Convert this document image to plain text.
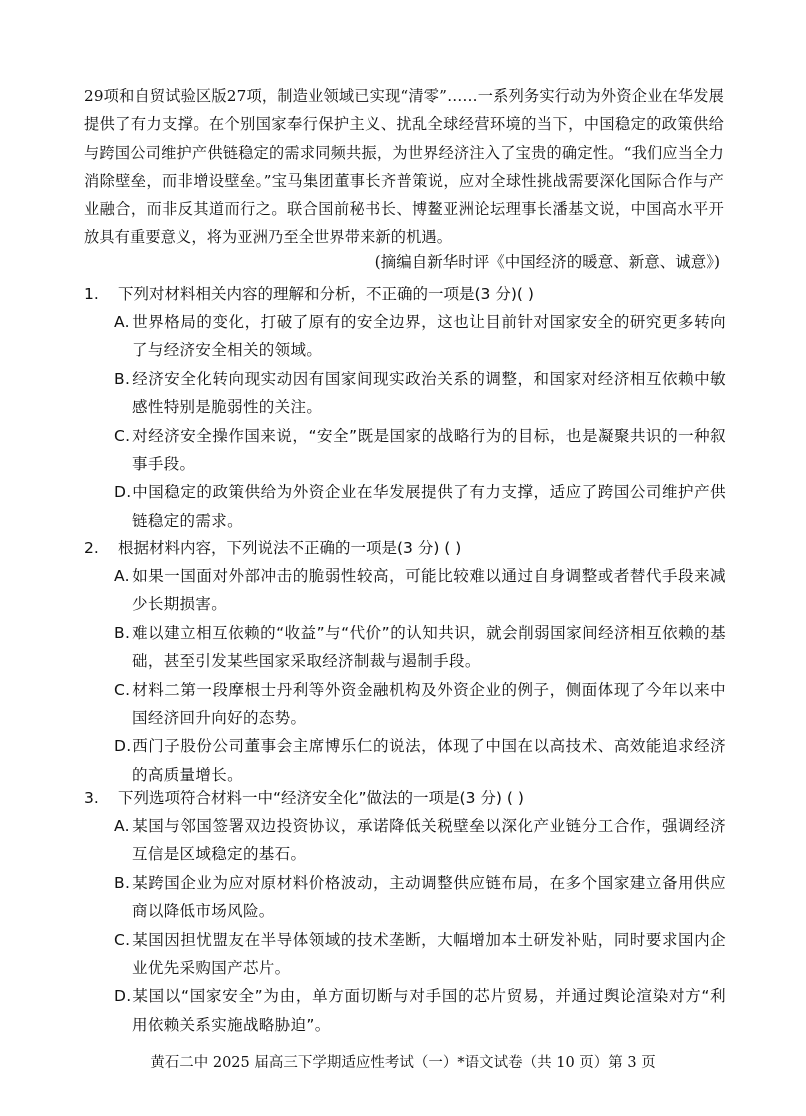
29项和自贸试验区版27项，制造业领域已实现“清零”……一系列务实行动为外资企业在华发展提供了有力支撑。在个别国家奉行保护主义、扰乱全球经营环境的当下，中国稳定的政策供给与跨国公司维护产供链稳定的需求同频共振，为世界经济注入了宝贵的确定性。“我们应当全力消除壁垒，而非增设壁垒。”宝马集团董事长齐普策说，应对全球性挑战需要深化国际合作与产业融合，而非反其道而行之。联合国前秘书长、博鳌亚洲论坛理事长潘基文说，中国高水平开放具有重要意义，将为亚洲乃至全世界带来新的机遇。
(摘编自新华时评《中国经济的暖意、新意、诚意》)
1. 下列对材料相关内容的理解和分析，不正确的一项是(3 分)( )
A. 世界格局的变化，打破了原有的安全边界，这也让目前针对国家安全的研究更多转向了与经济安全相关的领域。
B. 经济安全化转向现实动因有国家间现实政治关系的调整，和国家对经济相互依赖中敏感性特别是脆弱性的关注。
C.对经济安全操作国来说，“安全”既是国家的战略行为的目标，也是凝聚共识的一种叙事手段。
D.中国稳定的政策供给为外资企业在华发展提供了有力支撑，适应了跨国公司维护产供链稳定的需求。
2. 根据材料内容，下列说法不正确的一项是(3 分) ( )
A. 如果一国面对外部冲击的脆弱性较高，可能比较难以通过自身调整或者替代手段来减少长期损害。
B. 难以建立相互依赖的“收益”与“代价”的认知共识，就会削弱国家间经济相互依赖的基础，甚至引发某些国家采取经济制裁与遏制手段。
C.材料二第一段摩根士丹利等外资金融机构及外资企业的例子，侧面体现了今年以来中国经济回升向好的态势。
D.西门子股份公司董事会主席博乐仁的说法，体现了中国在以高技术、高效能追求经济的高质量增长。
3. 下列选项符合材料一中“经济安全化”做法的一项是(3 分) ( )
A. 某国与邻国签署双边投资协议，承诺降低关税壁垒以深化产业链分工合作，强调经济互信是区域稳定的基石。
B. 某跨国企业为应对原材料价格波动，主动调整供应链布局，在多个国家建立备用供应商以降低市场风险。
C.某国因担忧盟友在半导体领域的技术垄断，大幅增加本土研发补贴，同时要求国内企业优先采购国产芯片。
D.某国以“国家安全”为由，单方面切断与对手国的芯片贸易，并通过舆论渲染对方“利用依赖关系实施战略胁迫”。
黄石二中 2025 届高三下学期适应性考试（一）*语文试卷（共 10 页）第 3 页
